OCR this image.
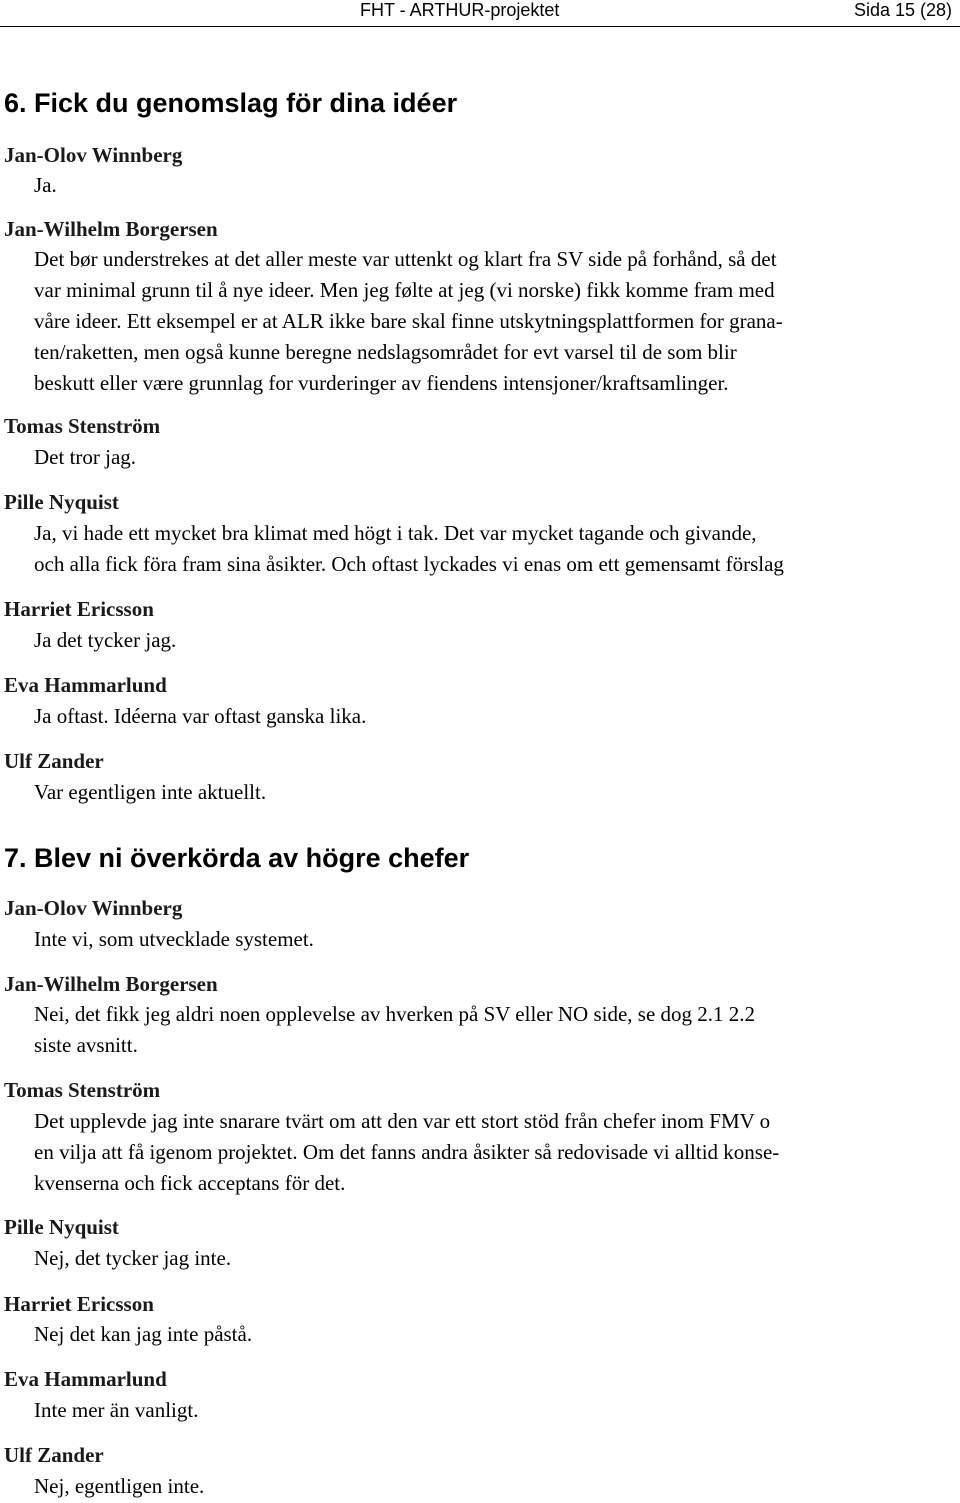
FHT - ARTHUR-projektet	Sida 15 (28)
6. Fick du genomslag för dina idéer
Jan-Olov Winnberg
Ja.
Jan-Wilhelm Borgersen
Det bør understrekes at det aller meste var uttenkt og klart fra SV side på forhånd, så det
var minimal grunn til å nye ideer. Men jeg følte at jeg (vi norske) fikk komme fram med
våre ideer. Ett eksempel er at ALR ikke bare skal finne utskytningsplattformen for grana-
ten/raketten, men også kunne beregne nedslagsområdet for evt varsel til de som blir
beskutt eller være grunnlag for vurderinger av fiendens intensjoner/kraftsamlinger.
Tomas Stenström
Det tror jag.
Pille Nyquist
Ja, vi hade ett mycket bra klimat med högt i tak. Det var mycket tagande och givande,
och alla fick föra fram sina åsikter. Och oftast lyckades vi enas om ett gemensamt förslag
Harriet Ericsson
Ja det tycker jag.
Eva Hammarlund
Ja oftast. Idéerna var oftast ganska lika.
Ulf Zander
Var egentligen inte aktuellt.
7. Blev ni överkörda av högre chefer
Jan-Olov Winnberg
Inte vi, som utvecklade systemet.
Jan-Wilhelm Borgersen
Nei, det fikk jeg aldri noen opplevelse av hverken på SV eller NO side, se dog 2.1 2.2
siste avsnitt.
Tomas Stenström
Det upplevde jag inte snarare tvärt om att den var ett stort stöd från chefer inom FMV o
en vilja att få igenom projektet. Om det fanns andra åsikter så redovisade vi alltid konse-
kvenserna och fick acceptans för det.
Pille Nyquist
Nej, det tycker jag inte.
Harriet Ericsson
Nej det kan jag inte påstå.
Eva Hammarlund
Inte mer än vanligt.
Ulf Zander
Nej, egentligen inte.
